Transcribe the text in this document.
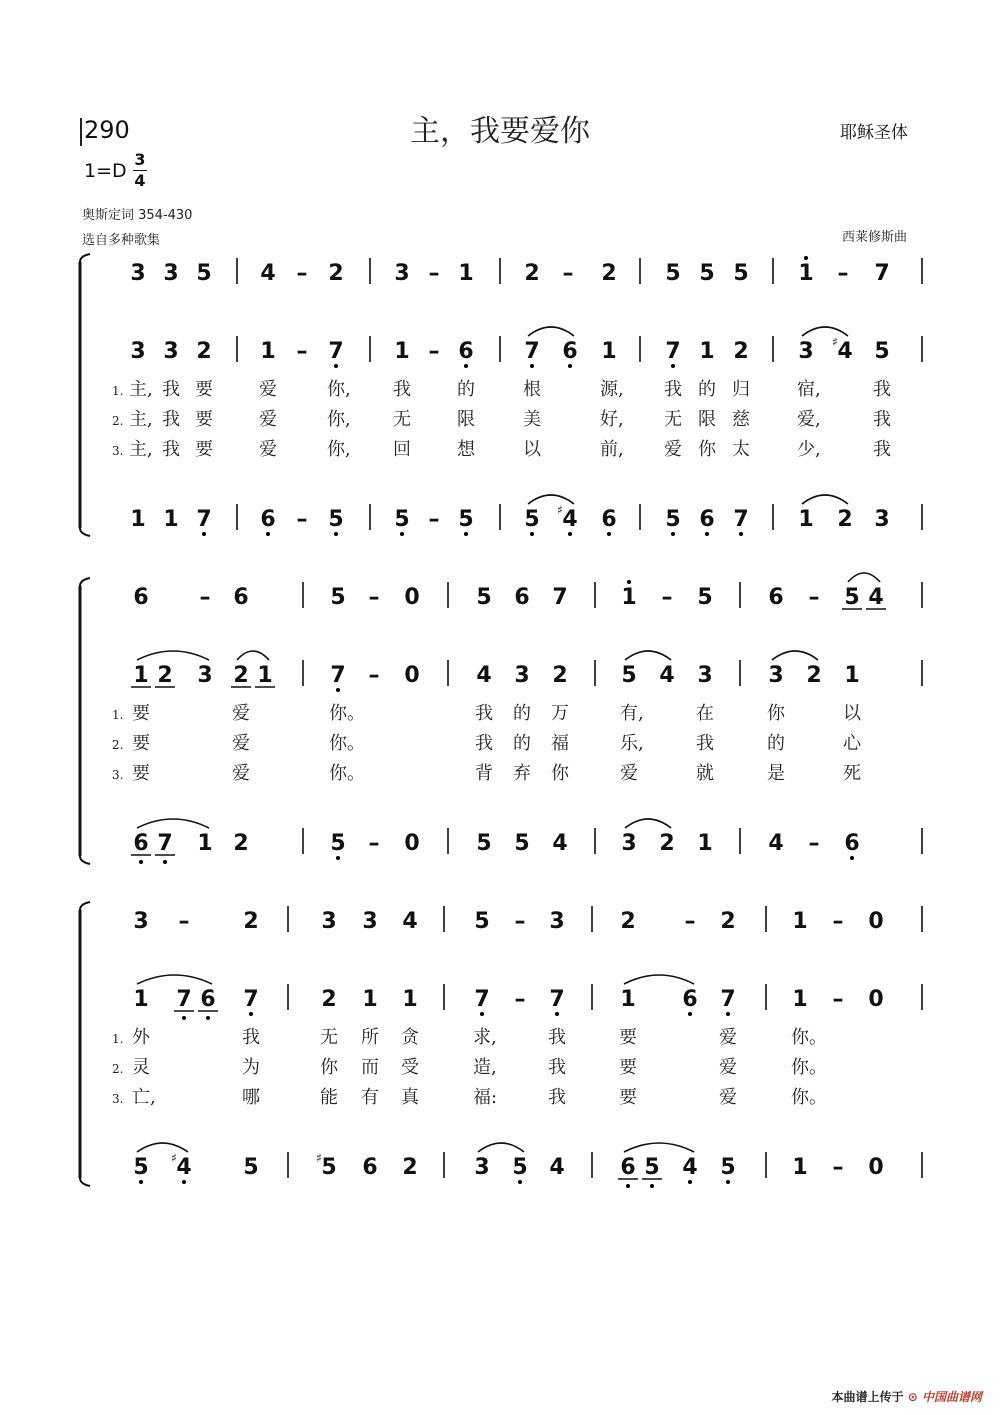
290	主，我要爱你	耶稣圣体
1=D
3
4
奥斯定词 354-430
选自多种歌集	西莱修斯曲
3 3 5 4 – 2 3 – 1 2 – 2 5 5 5 1 – 7
3 3 2 1 – 7 1 – 6 7 6 1 7 1 2 3 4
♯ 5
1 1 7 6 – 5 5 – 5 5 4
♯ 6 5 6 7 1 2 3
1. 主, 我 要	爱	你, 我	的	根	源, 我 的 归	宿,	我
2. 主, 我 要	爱	你, 无	限	美	好, 无 限 慈	爱,	我
3. 主, 我 要	爱	你, 回	想	以	前, 爱 你 太	少,	我
6 – 6	5 – 0	5 6 7 1 – 5	6 – 5 4
1 2 3 2 1	7 – 0	4 3 2 5 4 3	3 2 1
6 7 1 2	5 – 0	5 5 4 3 2 1	4 – 6
1. 要	爱	你。	我 的 万	有,	在	你	以
2. 要	爱	你。	我 的 福	乐,	我	的	心
3. 要	爱	你。	背 弃 你	爱	就	是	死
3 – 2	3 3 4	5 – 3	2 – 2	1 – 0
1 7 6 7	2 1 1	7 – 7	1 6 7	1 – 0
5 4
♯	5	5
♯ 6 2	3 5 4	6 5 4 5	1 – 0
1. 外	我	无 所 贪	求,	我	要	爱	你。
2. 灵	为	你 而 受	造,	我	要	爱	你。
3. 亡,	哪	能 有 真	福:	我	要	爱	你。
本曲谱上传于 ⊙ 中国曲谱网
